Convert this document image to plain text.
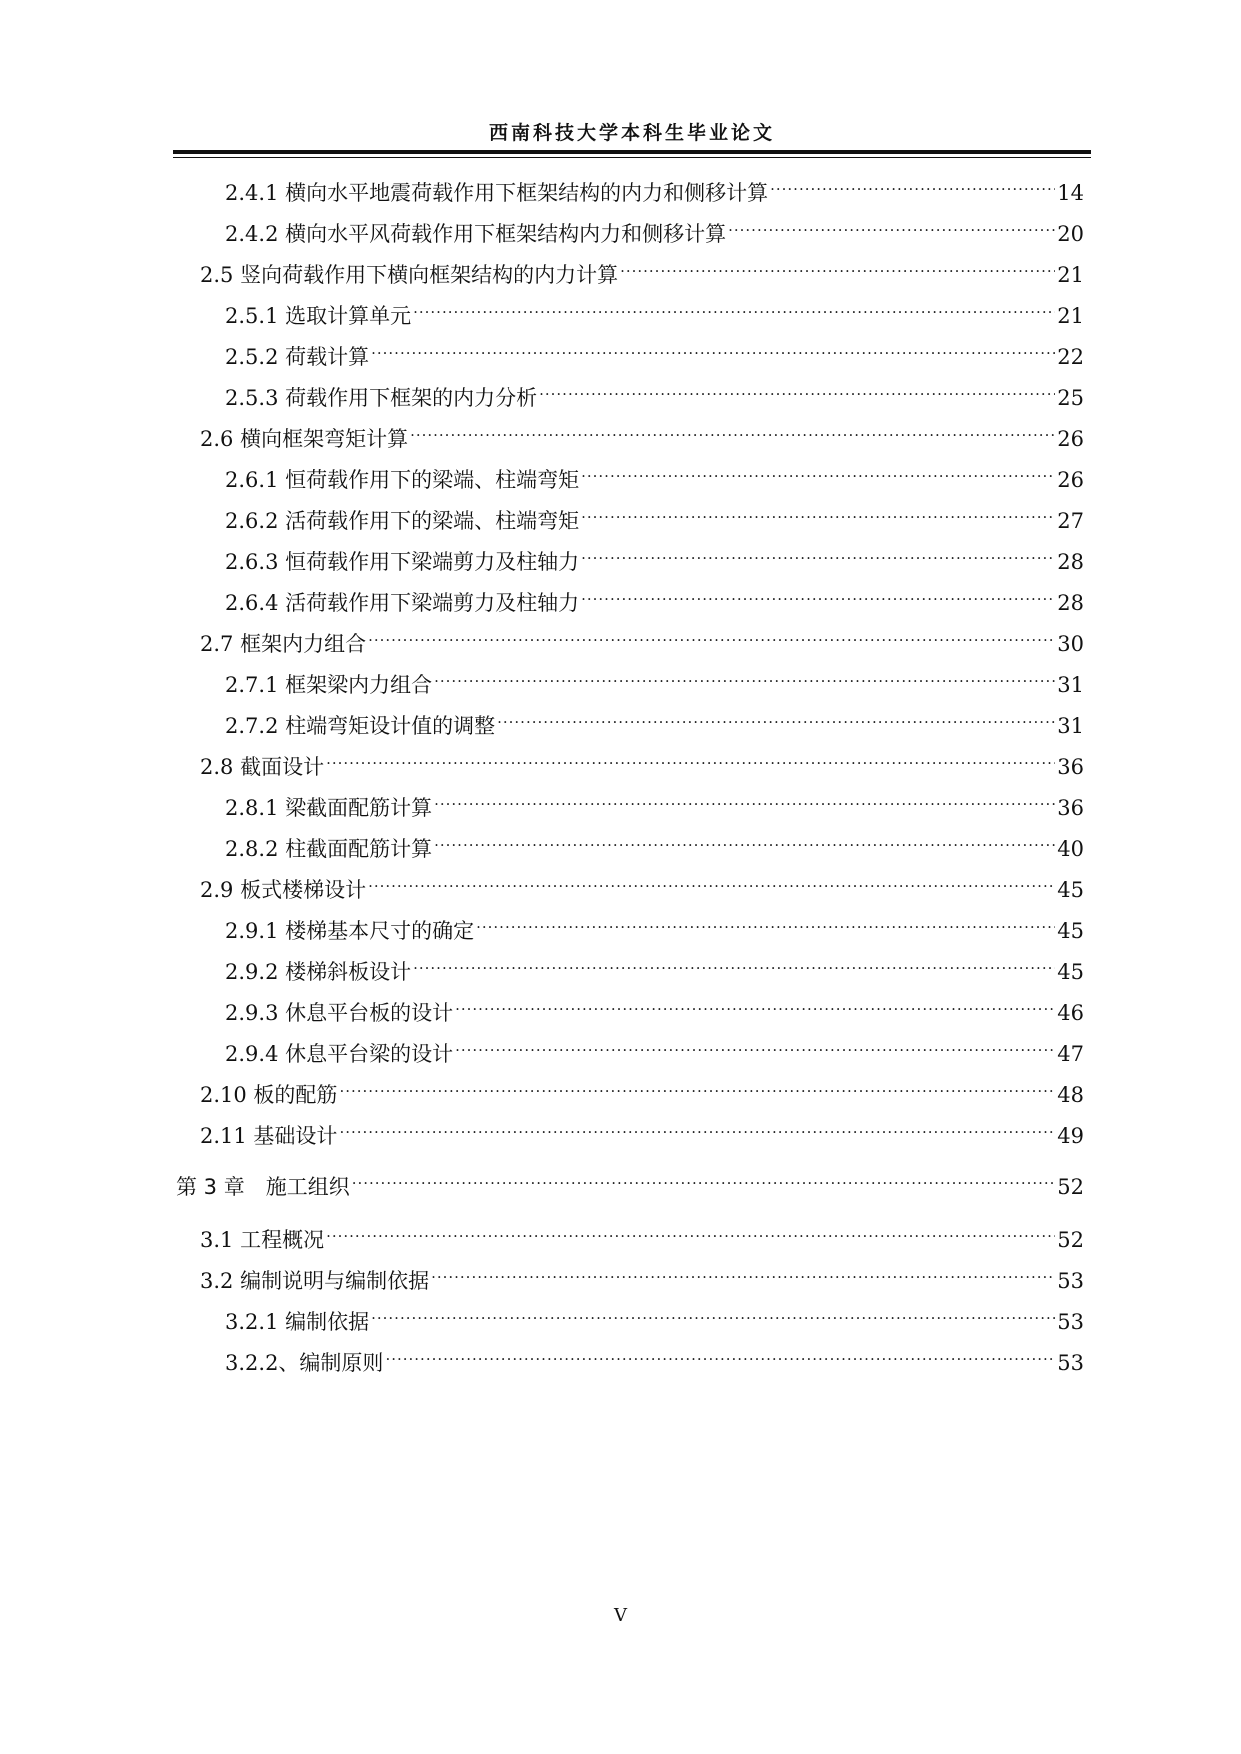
西南科技大学本科生毕业论文
2.4.1 横向水平地震荷载作用下框架结构的内力和侧移计算 .....	14
2.4.2 横向水平风荷载作用下框架结构内力和侧移计算 .....	20
2.5 竖向荷载作用下横向框架结构的内力计算 .....	21
2.5.1 选取计算单元 .....	21
2.5.2 荷载计算 .....	22
2.5.3 荷载作用下框架的内力分析 .....	25
2.6 横向框架弯矩计算 .....	26
2.6.1 恒荷载作用下的梁端、柱端弯矩 .....	26
2.6.2 活荷载作用下的梁端、柱端弯矩 .....	27
2.6.3 恒荷载作用下梁端剪力及柱轴力 .....	28
2.6.4 活荷载作用下梁端剪力及柱轴力 .....	28
2.7 框架内力组合 .....	30
2.7.1 框架梁内力组合 .....	31
2.7.2 柱端弯矩设计值的调整 .....	31
2.8 截面设计 .....	36
2.8.1 梁截面配筋计算 .....	36
2.8.2 柱截面配筋计算 .....	40
2.9 板式楼梯设计 .....	45
2.9.1 楼梯基本尺寸的确定 .....	45
2.9.2 楼梯斜板设计 .....	45
2.9.3 休息平台板的设计 .....	46
2.9.4 休息平台梁的设计 .....	47
2.10 板的配筋 .....	48
2.11 基础设计 .....	49
第 3 章　施工组织 .....	52
3.1 工程概况 .....	52
3.2 编制说明与编制依据 .....	53
3.2.1 编制依据 .....	53
3.2.2、编制原则 .....	53
V
